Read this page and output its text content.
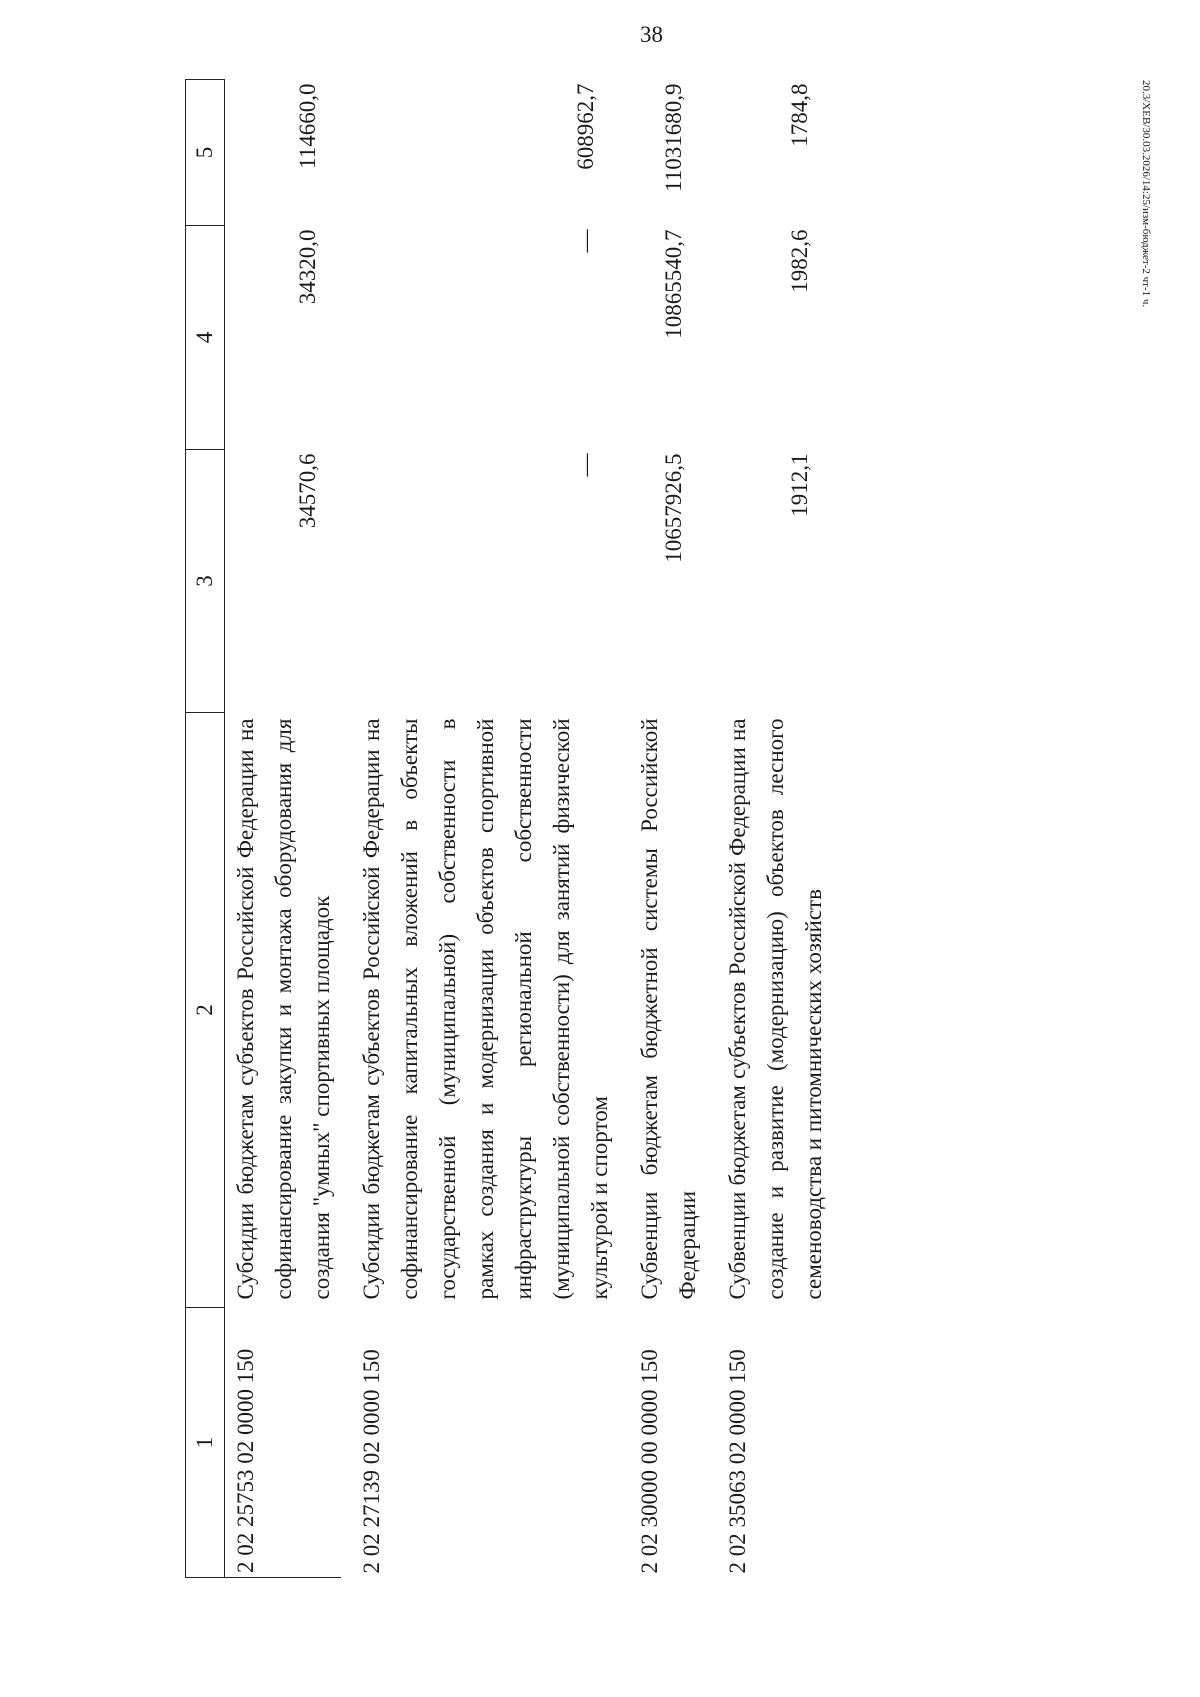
38
20.3/ХЕВ/30.03.2026/14:25/изм-бюджет-2 чт-1 ч.
1	2	3	4	5
2 02 25753 02 0000 150	Субсидии бюджетам субъектов Российской Федерации на софинансирование закупки и монтажа оборудования для создания "умных" спортивных площадок	34570,6	34320,0	114660,0

2 02 27139 02 0000 150	Субсидии бюджетам субъектов Российской Федерации на софинансирование капитальных вложений в объекты государственной (муниципальной) собственности в рамках создания и модернизации объектов спортивной инфраструктуры региональной собственности (муниципальной собственности) для занятий физической культурой и спортом	—	—	608962,7

2 02 30000 00 0000 150	Субвенции бюджетам бюджетной системы Российской Федерации	10657926,5	10865540,7	11031680,9

2 02 35063 02 0000 150	Субвенции бюджетам субъектов Российской Федерации на создание и развитие (модернизацию) объектов лесного семеноводства и питомнических хозяйств	1912,1	1982,6	1784,8
